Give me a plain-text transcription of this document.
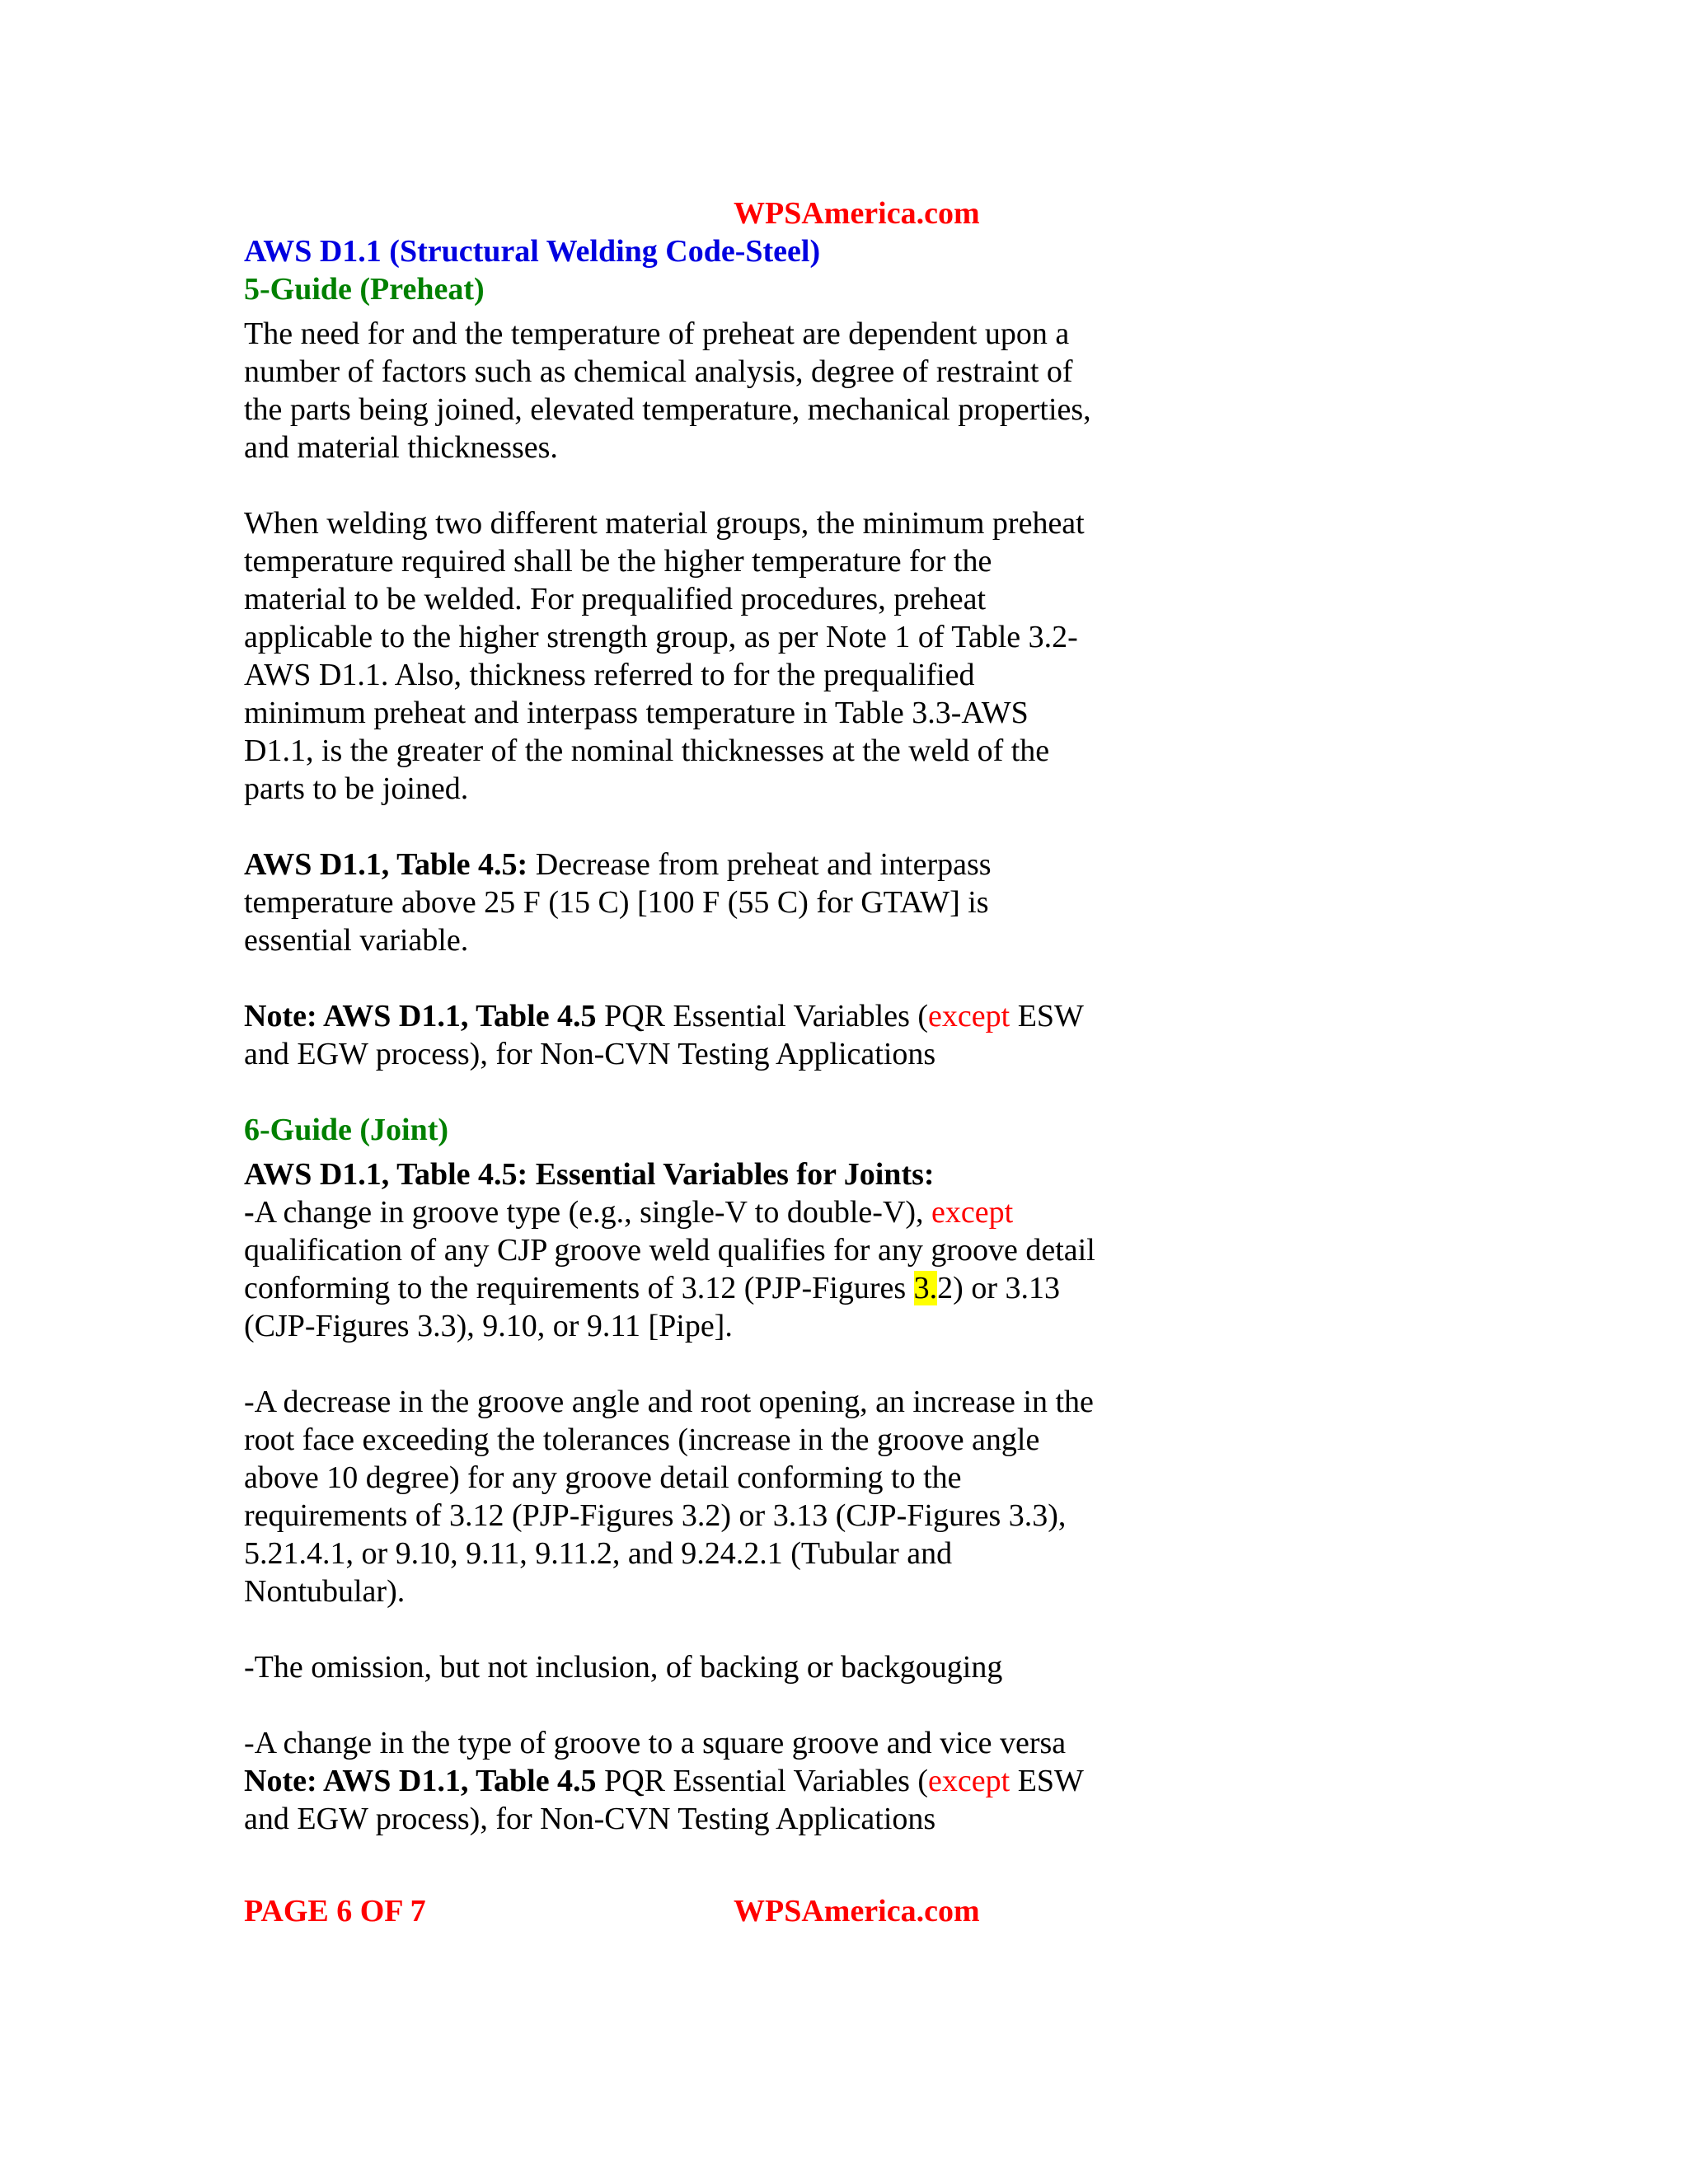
WPSAmerica.com
AWS D1.1 (Structural Welding Code-Steel)
5-Guide (Preheat)

The need for and the temperature of preheat are dependent upon a number of factors such as chemical analysis, degree of restraint of the parts being joined, elevated temperature, mechanical properties, and material thicknesses.

When welding two different material groups, the minimum preheat temperature required shall be the higher temperature for the material to be welded. For prequalified procedures, preheat applicable to the higher strength group, as per Note 1 of Table 3.2-AWS D1.1. Also, thickness referred to for the prequalified minimum preheat and interpass temperature in Table 3.3-AWS D1.1, is the greater of the nominal thicknesses at the weld of the parts to be joined.

AWS D1.1, Table 4.5: Decrease from preheat and interpass temperature above 25 F (15 C) [100 F (55 C) for GTAW] is essential variable.

Note: AWS D1.1, Table 4.5 PQR Essential Variables (except ESW and EGW process), for Non-CVN Testing Applications

6-Guide (Joint)
AWS D1.1, Table 4.5: Essential Variables for Joints:

-A change in groove type (e.g., single-V to double-V), except qualification of any CJP groove weld qualifies for any groove detail conforming to the requirements of 3.12 (PJP-Figures 3.2) or 3.13 (CJP-Figures 3.3), 9.10, or 9.11 [Pipe].

-A decrease in the groove angle and root opening, an increase in the root face exceeding the tolerances (increase in the groove angle above 10 degree) for any groove detail conforming to the requirements of 3.12 (PJP-Figures 3.2) or 3.13 (CJP-Figures 3.3), 5.21.4.1, or 9.10, 9.11, 9.11.2, and 9.24.2.1 (Tubular and Nontubular).

-The omission, but not inclusion, of backing or backgouging

-A change in the type of groove to a square groove and vice versa

Note: AWS D1.1, Table 4.5 PQR Essential Variables (except ESW and EGW process), for Non-CVN Testing Applications

PAGE 6 OF 7	WPSAmerica.com
